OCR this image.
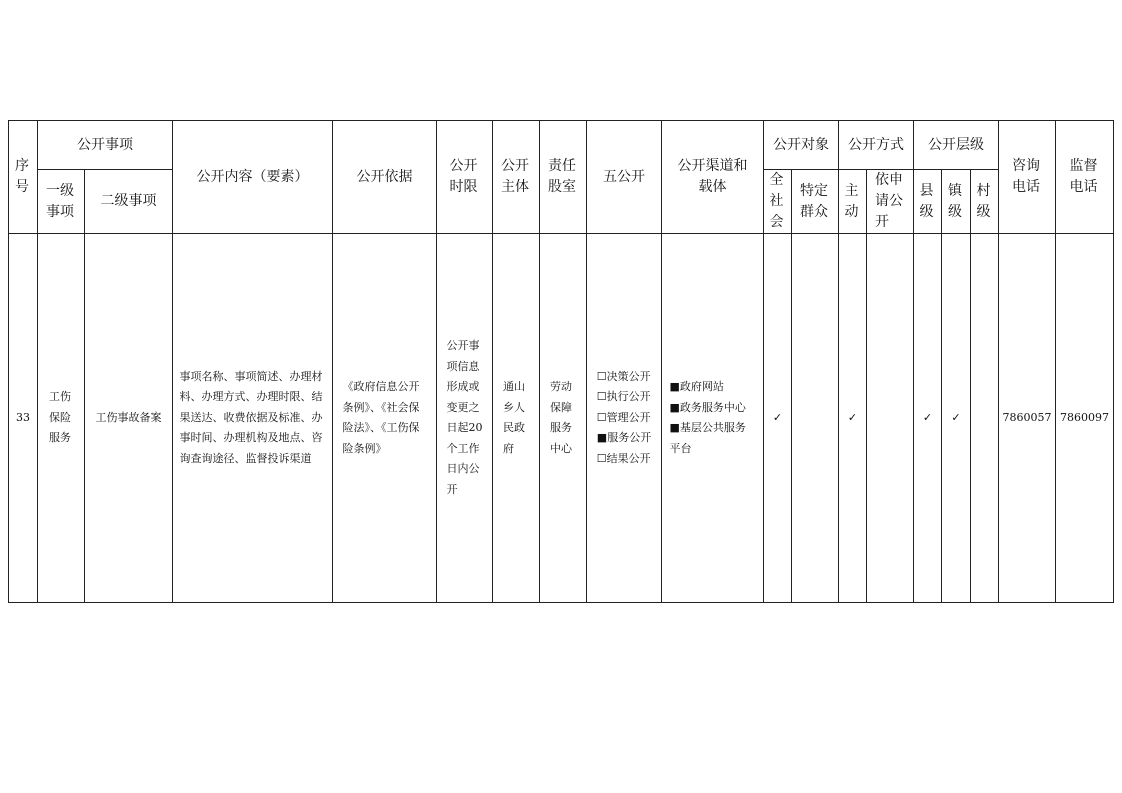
序号	公开事项		公开内容（要素）	公开依据	公开时限	公开主体	责任股室	五公开	公开渠道和载体	公开对象		公开方式		公开层级			咨询电话	监督电话
	一级事项	二级事项								全社会	特定群众	主动	依申请公开	县级	镇级	村级		
33	工伤保险服务	工伤事故备案	事项名称、事项简述、办理材料、办理方式、办理时限、结果送达、收费依据及标准、办事时间、办理机构及地点、咨询查询途径、监督投诉渠道	《政府信息公开条例》、《社会保险法》、《工伤保险条例》	公开事项信息形成或变更之日起20个工作日内公开	通山乡人民政府	劳动保障服务中心	☐决策公开
☐执行公开
☐管理公开
■服务公开
☐结果公开	■政府网站
■政务服务中心
■基层公共服务平台	✓		✓		✓	✓		7860057	7860097
